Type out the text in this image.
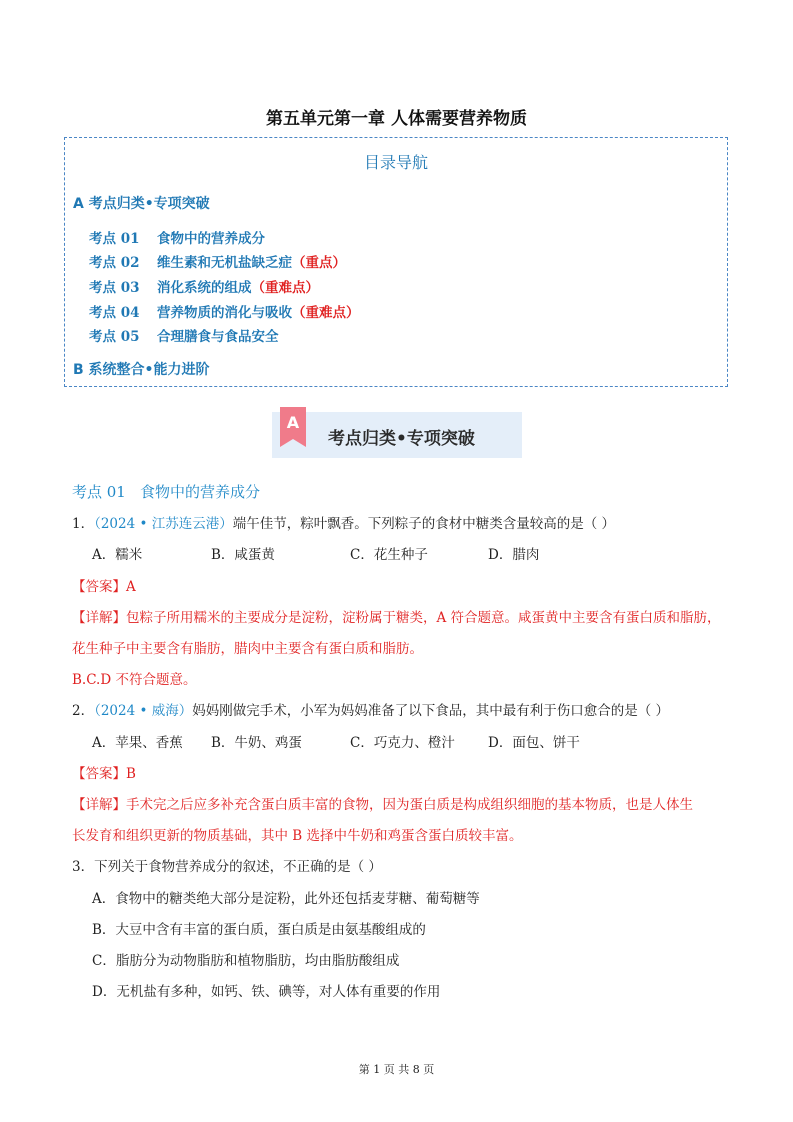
第五单元第一章 人体需要营养物质
目录导航
A 考点归类•专项突破
考点 01 食物中的营养成分
考点 02 维生素和无机盐缺乏症（重点）
考点 03 消化系统的组成（重难点）
考点 04 营养物质的消化与吸收（重难点）
考点 05 合理膳食与食品安全
B 系统整合•能力进阶
A
考点归类•专项突破
考点 01 食物中的营养成分
1．（2024 • 江苏连云港）端午佳节，粽叶飘香。下列粽子的食材中糖类含量较高的是（ ）
A．糯米	B．咸蛋黄	C．花生种子	D．腊肉
【答案】A
【详解】包粽子所用糯米的主要成分是淀粉，淀粉属于糖类，A 符合题意。咸蛋黄中主要含有蛋白质和脂肪，
花生种子中主要含有脂肪，腊肉中主要含有蛋白质和脂肪。
B.C.D 不符合题意。
2．（2024 • 威海）妈妈刚做完手术，小军为妈妈准备了以下食品，其中最有利于伤口愈合的是（ ）
A．苹果、香蕉 B．牛奶、鸡蛋	C．巧克力、橙汁 D．面包、饼干
【答案】B
【详解】手术完之后应多补充含蛋白质丰富的食物，因为蛋白质是构成组织细胞的基本物质，也是人体生
长发育和组织更新的物质基础，其中 B 选择中牛奶和鸡蛋含蛋白质较丰富。
3．下列关于食物营养成分的叙述，不正确的是（ ）
A．食物中的糖类绝大部分是淀粉，此外还包括麦芽糖、葡萄糖等
B．大豆中含有丰富的蛋白质，蛋白质是由氨基酸组成的
C．脂肪分为动物脂肪和植物脂肪，均由脂肪酸组成
D．无机盐有多种，如钙、铁、碘等，对人体有重要的作用
第 1 页 共 8 页
